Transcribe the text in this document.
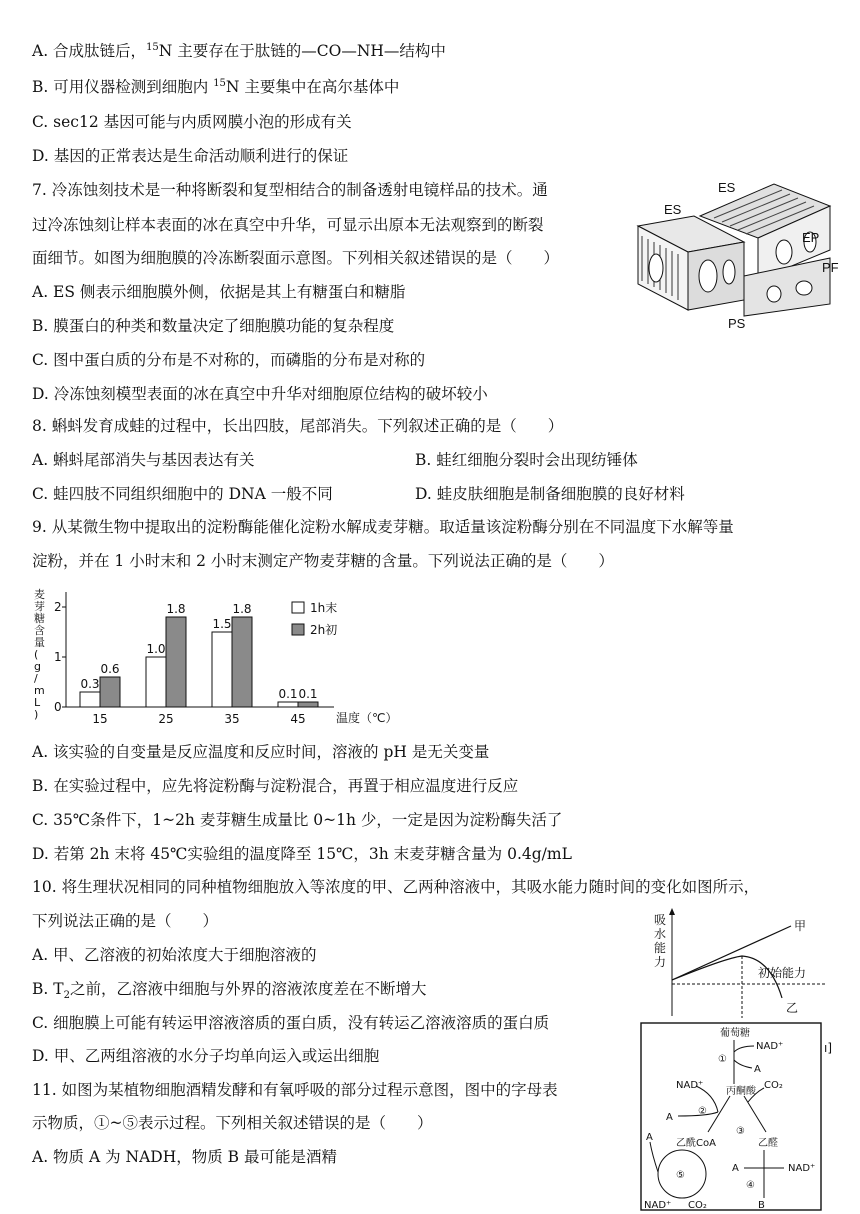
A. 合成肽链后，$^{15}$N 主要存在于肽链的—CO—NH—结构中
B. 可用仪器检测到细胞内 $^{15}$N 主要集中在高尔基体中
C. sec12 基因可能与内质网膜小泡的形成有关
D. 基因的正常表达是生命活动顺利进行的保证
7. 冷冻蚀刻技术是一种将断裂和复型相结合的制备透射电镜样品的技术。通
过冷冻蚀刻让样本表面的冰在真空中升华，可显示出原本无法观察到的断裂
面细节。如图为细胞膜的冷冻断裂面示意图。下列相关叙述错误的是（　　）
A. ES 侧表示细胞膜外侧，依据是其上有糖蛋白和糖脂
B. 膜蛋白的种类和数量决定了细胞膜功能的复杂程度
C. 图中蛋白质的分布是不对称的，而磷脂的分布是对称的
D. 冷冻蚀刻模型表面的冰在真空中升华对细胞原位结构的破坏较小
ES
ES
EP
PF
PS
8. 蝌蚪发育成蛙的过程中，长出四肢，尾部消失。下列叙述正确的是（　　）
A. 蝌蚪尾部消失与基因表达有关	B. 蛙红细胞分裂时会出现纺锤体
C. 蛙四肢不同组织细胞中的 DNA 一般不同	D. 蛙皮肤细胞是制备细胞膜的良好材料
9. 从某微生物中提取出的淀粉酶能催化淀粉水解成麦芽糖。取适量该淀粉酶分别在不同温度下水解等量
淀粉，并在 1 小时末和 2 小时末测定产物麦芽糖的含量。下列说法正确的是（　　）
麦
芽
糖
含
量
(
g
/
m
L
)
0
1
2
0.3
0.6
15
1.0
1.8
25
1.5
1.8
35
0.1 0.1
45
1h末
2h初
温度（℃）
A. 该实验的自变量是反应温度和反应时间，溶液的 pH 是无关变量
B. 在实验过程中，应先将淀粉酶与淀粉混合，再置于相应温度进行反应
C. 35℃条件下，1~2h 麦芽糖生成量比 0~1h 少，一定是因为淀粉酶失活了
D. 若第 2h 末将 45℃实验组的温度降至 15℃，3h 末麦芽糖含量为 0.4g/mL
10. 将生理状况相同的同种植物细胞放入等浓度的甲、乙两种溶液中，其吸水能力随时间的变化如图所示，
下列说法正确的是（　　）
A. 甲、乙溶液的初始浓度大于细胞溶液的
B. $T_2$之前，乙溶液中细胞与外界的溶液浓度差在不断增大
C. 细胞膜上可能有转运甲溶液溶质的蛋白质，没有转运乙溶液溶质的蛋白质
D. 甲、乙两组溶液的水分子均单向运入或运出细胞
吸水能力
甲
乙
初始能力
11. 如图为某植物细胞酒精发酵和有氧呼吸的部分过程示意图，图中的字母表
示物质，①~⑤表示过程。下列相关叙述错误的是（　　）
A. 物质 A 为 NADH，物质 B 最可能是酒精
ı]
葡萄糖
NAD⁺
A
①
丙酮酸
CO₂
NAD⁺
A
②
③
乙酰CoA	乙醛
⑤
A
NAD⁺ CO₂
A	NAD⁺
④
B
